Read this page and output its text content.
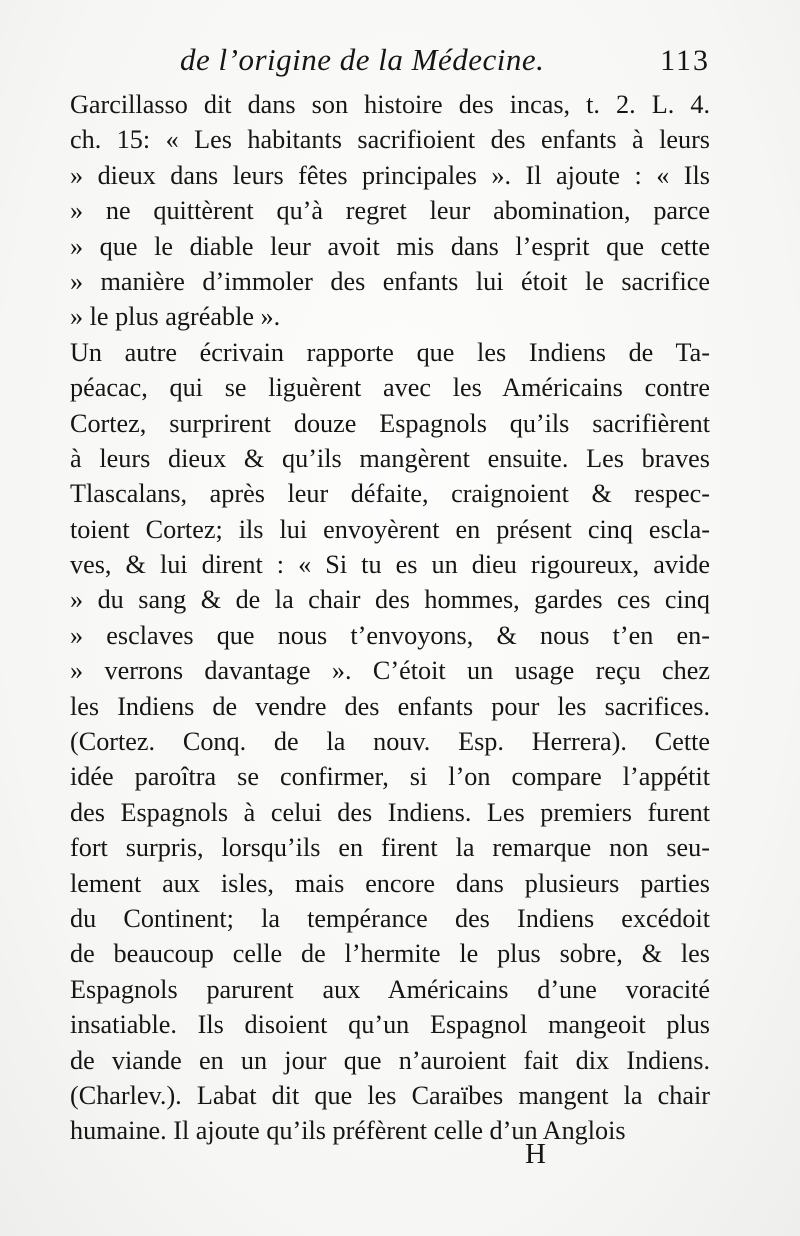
de l’origine de la Médecine.	113
Garcillasso dit dans son histoire des incas, t. 2. L. 4.
ch. 15: « Les habitants sacrifioient des enfants à leurs
» dieux dans leurs fêtes principales ». Il ajoute : « Ils
» ne quittèrent qu’à regret leur abomination, parce
» que le diable leur avoit mis dans l’esprit que cette
» manière d’immoler des enfants lui étoit le sacrifice
» le plus agréable ».
Un autre écrivain rapporte que les Indiens de Ta-
péacac, qui se liguèrent avec les Américains contre
Cortez, surprirent douze Espagnols qu’ils sacrifièrent
à leurs dieux & qu’ils mangèrent ensuite. Les braves
Tlascalans, après leur défaite, craignoient & respec-
toient Cortez; ils lui envoyèrent en présent cinq escla-
ves, & lui dirent : « Si tu es un dieu rigoureux, avide
» du sang & de la chair des hommes, gardes ces cinq
» esclaves que nous t’envoyons, & nous t’en en-
» verrons davantage ». C’étoit un usage reçu chez
les Indiens de vendre des enfants pour les sacrifices.
(Cortez. Conq. de la nouv. Esp. Herrera). Cette
idée paroîtra se confirmer, si l’on compare l’appétit
des Espagnols à celui des Indiens. Les premiers furent
fort surpris, lorsqu’ils en firent la remarque non seu-
lement aux isles, mais encore dans plusieurs parties
du Continent; la tempérance des Indiens excédoit
de beaucoup celle de l’hermite le plus sobre, & les
Espagnols parurent aux Américains d’une voracité
insatiable. Ils disoient qu’un Espagnol mangeoit plus
de viande en un jour que n’auroient fait dix Indiens.
(Charlev.). Labat dit que les Caraïbes mangent la chair
humaine. Il ajoute qu’ils préfèrent celle d’un Anglois
H
